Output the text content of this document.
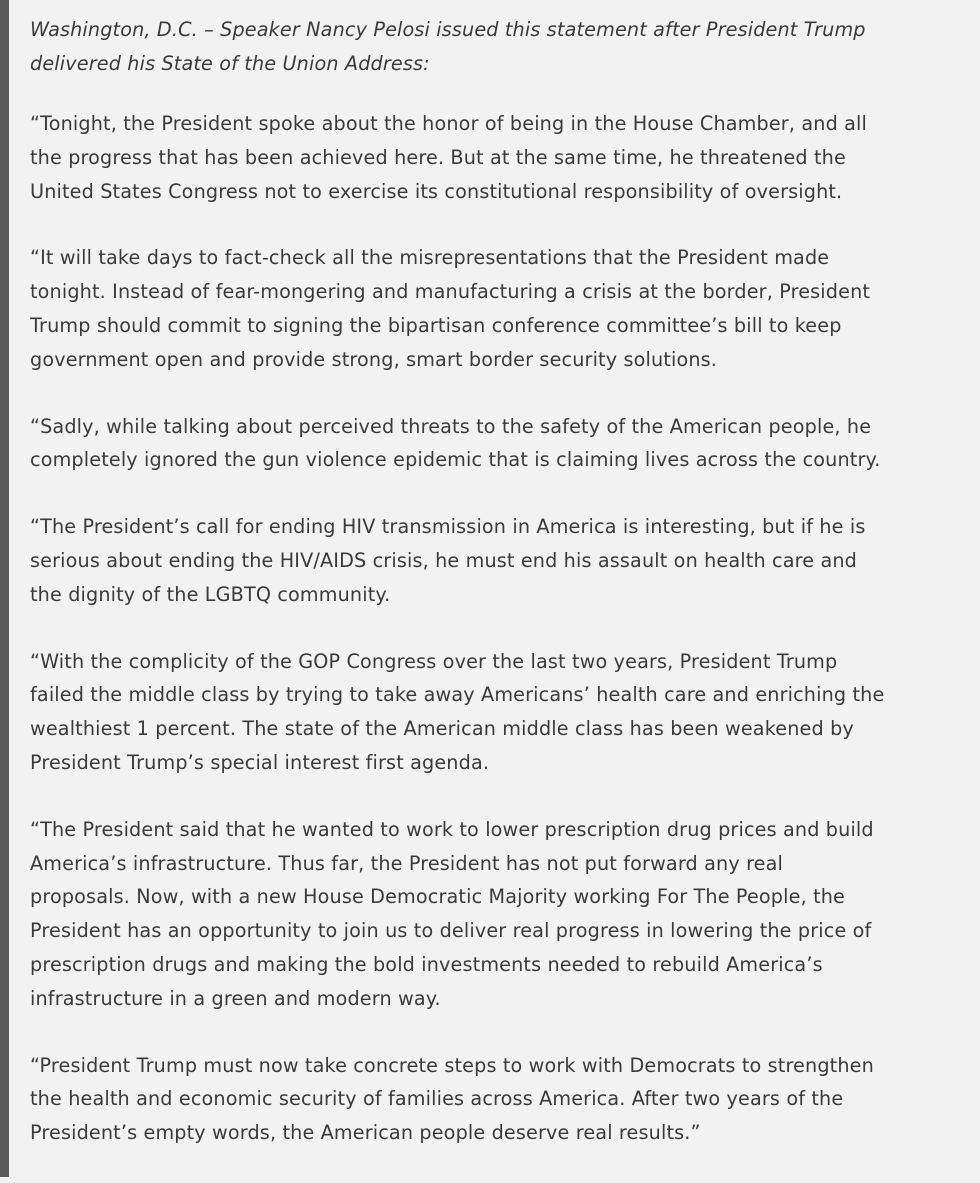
Washington, D.C. – Speaker Nancy Pelosi issued this statement after President Trump
delivered his State of the Union Address:

“Tonight, the President spoke about the honor of being in the House Chamber, and all
the progress that has been achieved here. But at the same time, he threatened the
United States Congress not to exercise its constitutional responsibility of oversight.

“It will take days to fact-check all the misrepresentations that the President made
tonight. Instead of fear-mongering and manufacturing a crisis at the border, President
Trump should commit to signing the bipartisan conference committee’s bill to keep
government open and provide strong, smart border security solutions.

“Sadly, while talking about perceived threats to the safety of the American people, he
completely ignored the gun violence epidemic that is claiming lives across the country.

“The President’s call for ending HIV transmission in America is interesting, but if he is
serious about ending the HIV/AIDS crisis, he must end his assault on health care and
the dignity of the LGBTQ community.

“With the complicity of the GOP Congress over the last two years, President Trump
failed the middle class by trying to take away Americans’ health care and enriching the
wealthiest 1 percent. The state of the American middle class has been weakened by
President Trump’s special interest first agenda.

“The President said that he wanted to work to lower prescription drug prices and build
America’s infrastructure. Thus far, the President has not put forward any real
proposals. Now, with a new House Democratic Majority working For The People, the
President has an opportunity to join us to deliver real progress in lowering the price of
prescription drugs and making the bold investments needed to rebuild America’s
infrastructure in a green and modern way.

“President Trump must now take concrete steps to work with Democrats to strengthen
the health and economic security of families across America. After two years of the
President’s empty words, the American people deserve real results.”
